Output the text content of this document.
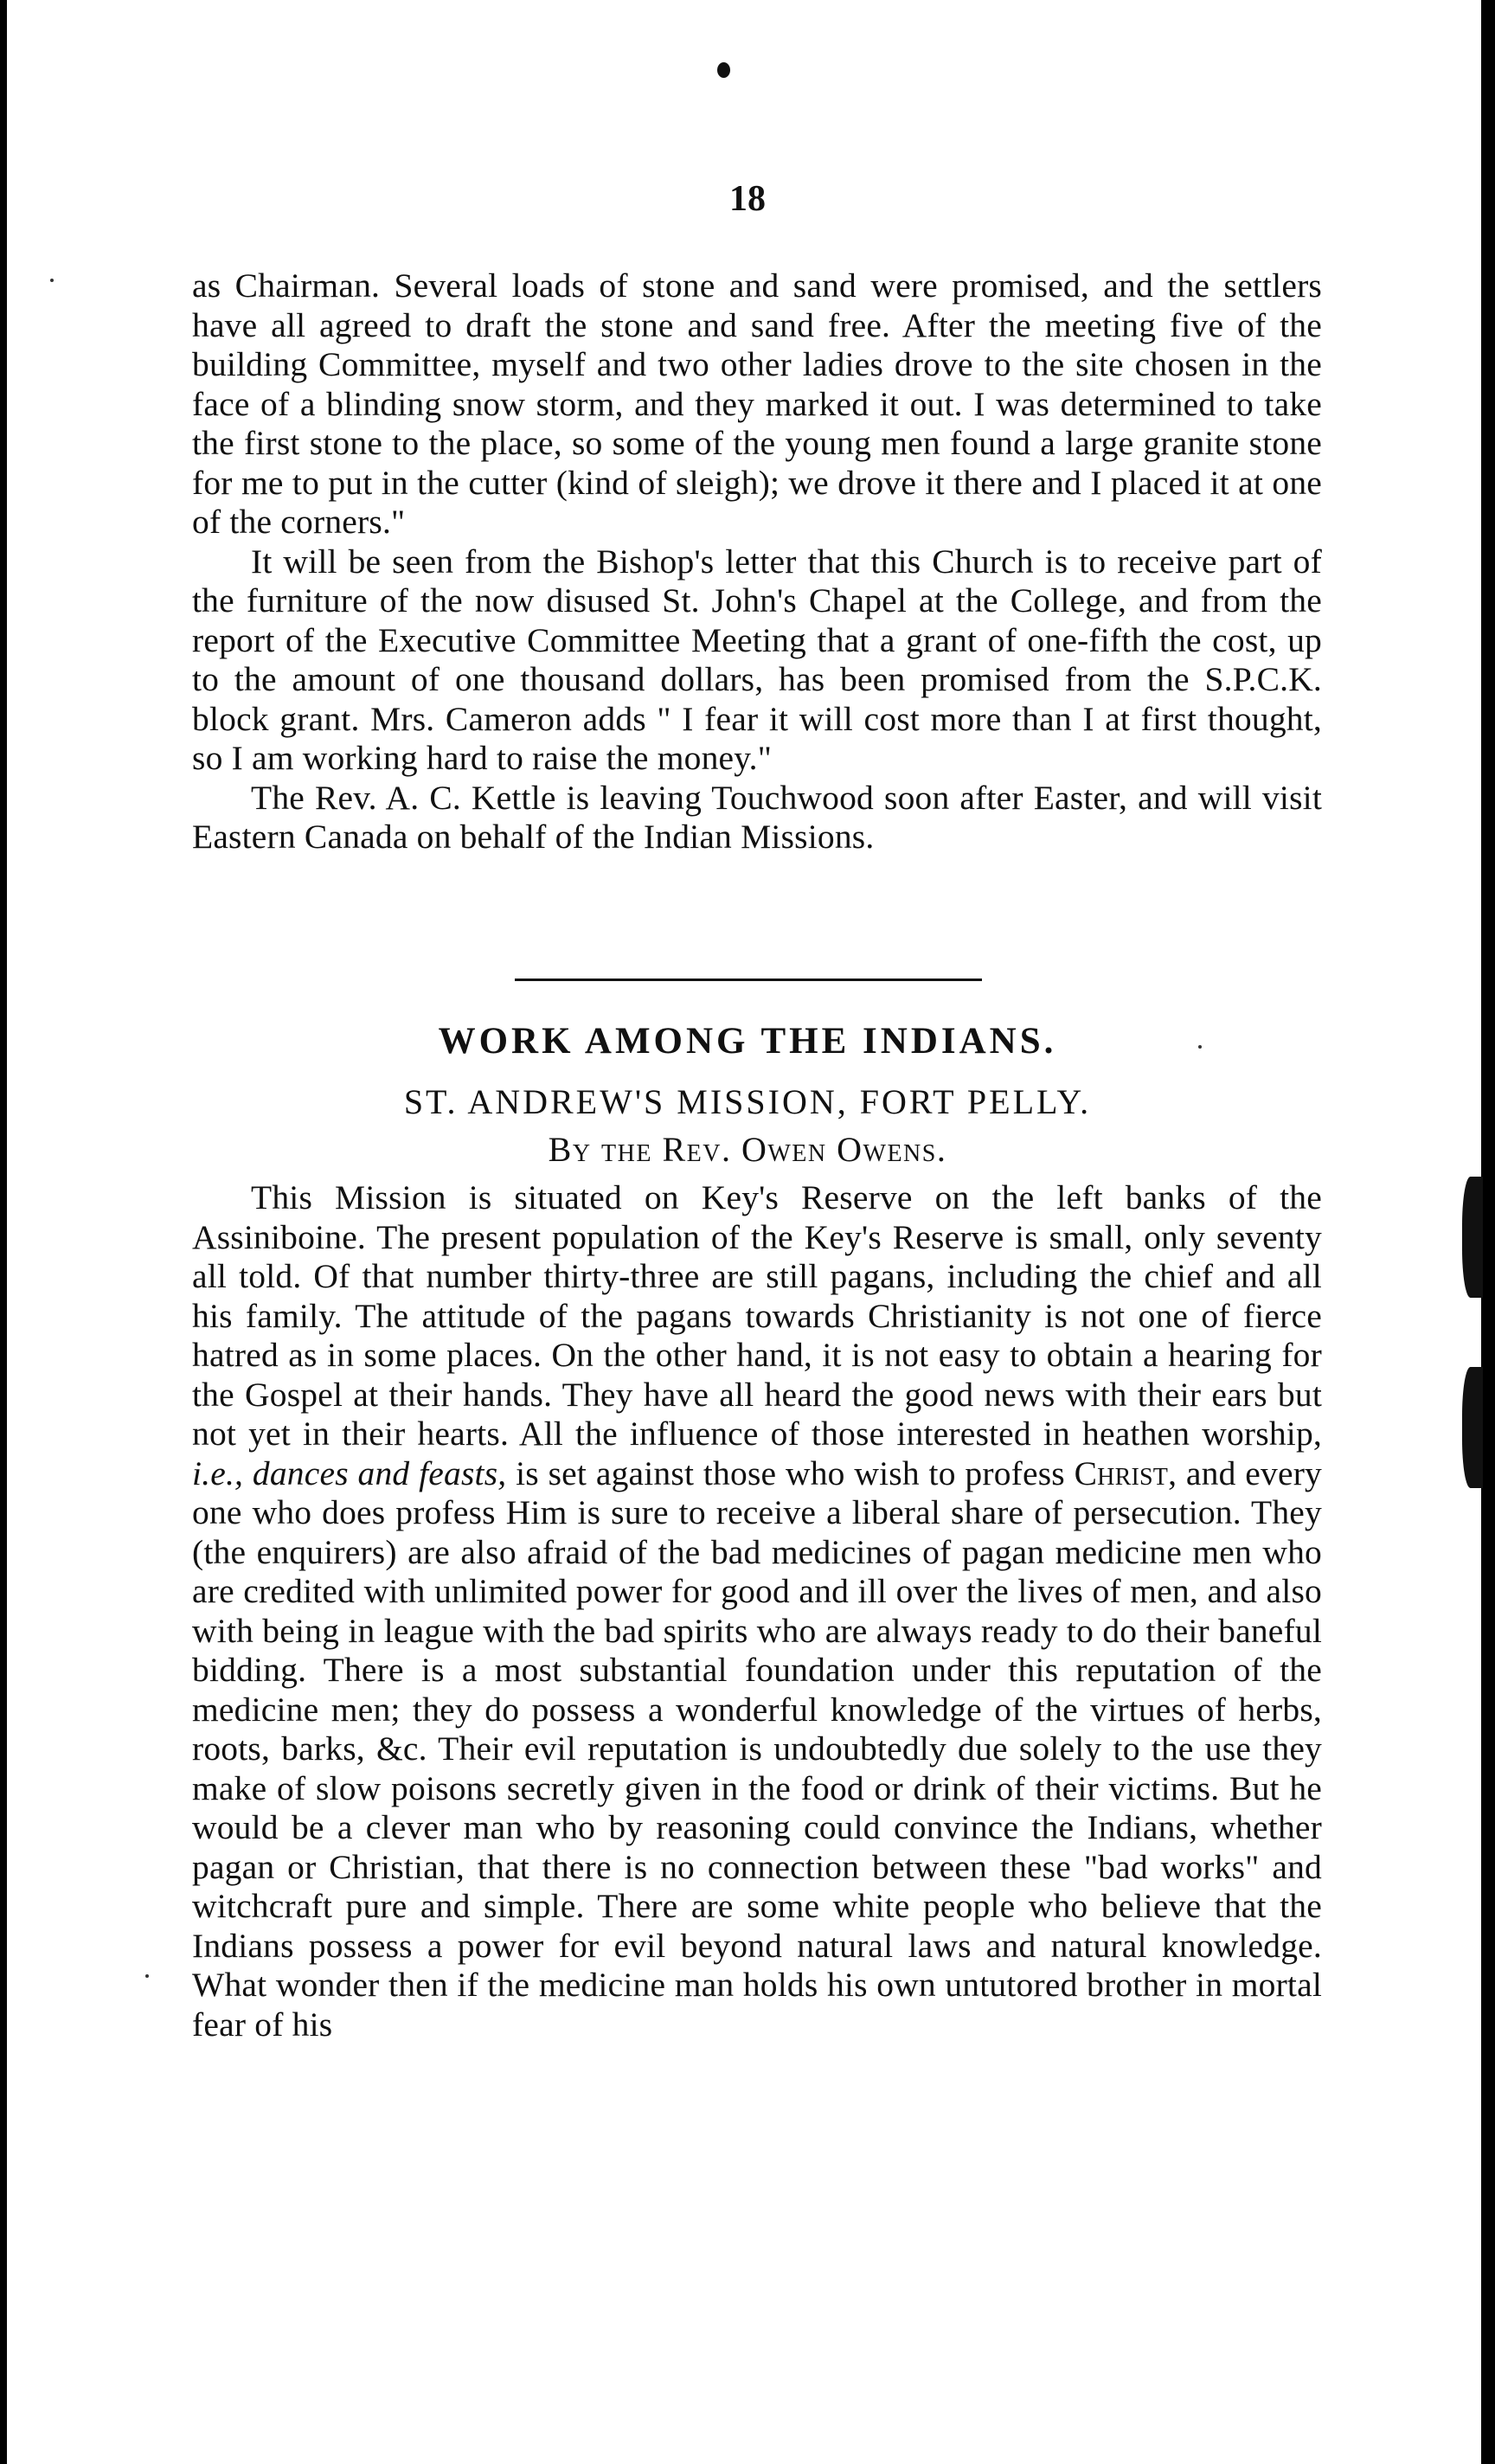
18

as Chairman. Several loads of stone and sand were promised, and the settlers have all agreed to draft the stone and sand free. After the meeting five of the building Committee, myself and two other ladies drove to the site chosen in the face of a blinding snow storm, and they marked it out. I was determined to take the first stone to the place, so some of the young men found a large granite stone for me to put in the cutter (kind of sleigh); we drove it there and I placed it at one of the corners."

It will be seen from the Bishop's letter that this Church is to receive part of the furniture of the now disused St. John's Chapel at the College, and from the report of the Executive Committee Meeting that a grant of one-fifth the cost, up to the amount of one thousand dollars, has been promised from the S.P.C.K. block grant. Mrs. Cameron adds " I fear it will cost more than I at first thought, so I am working hard to raise the money."

The Rev. A. C. Kettle is leaving Touchwood soon after Easter, and will visit Eastern Canada on behalf of the Indian Missions.

WORK AMONG THE INDIANS.
ST. ANDREW'S MISSION, FORT PELLY.
By the Rev. Owen Owens.

This Mission is situated on Key's Reserve on the left banks of the Assiniboine. The present population of the Key's Reserve is small, only seventy all told. Of that number thirty-three are still pagans, including the chief and all his family. The attitude of the pagans towards Christianity is not one of fierce hatred as in some places. On the other hand, it is not easy to obtain a hearing for the Gospel at their hands. They have all heard the good news with their ears but not yet in their hearts. All the influence of those interested in heathen worship, i.e., dances and feasts, is set against those who wish to profess Christ, and every one who does profess Him is sure to receive a liberal share of persecution. They (the enquirers) are also afraid of the bad medicines of pagan medicine men who are credited with unlimited power for good and ill over the lives of men, and also with being in league with the bad spirits who are always ready to do their baneful bidding. There is a most substantial foundation under this reputation of the medicine men; they do possess a wonderful knowledge of the virtues of herbs, roots, barks, &c. Their evil reputation is undoubtedly due solely to the use they make of slow poisons secretly given in the food or drink of their victims. But he would be a clever man who by reasoning could convince the Indians, whether pagan or Christian, that there is no connection between these "bad works" and witchcraft pure and simple. There are some white people who believe that the Indians possess a power for evil beyond natural laws and natural knowledge. What wonder then if the medicine man holds his own untutored brother in mortal fear of his
